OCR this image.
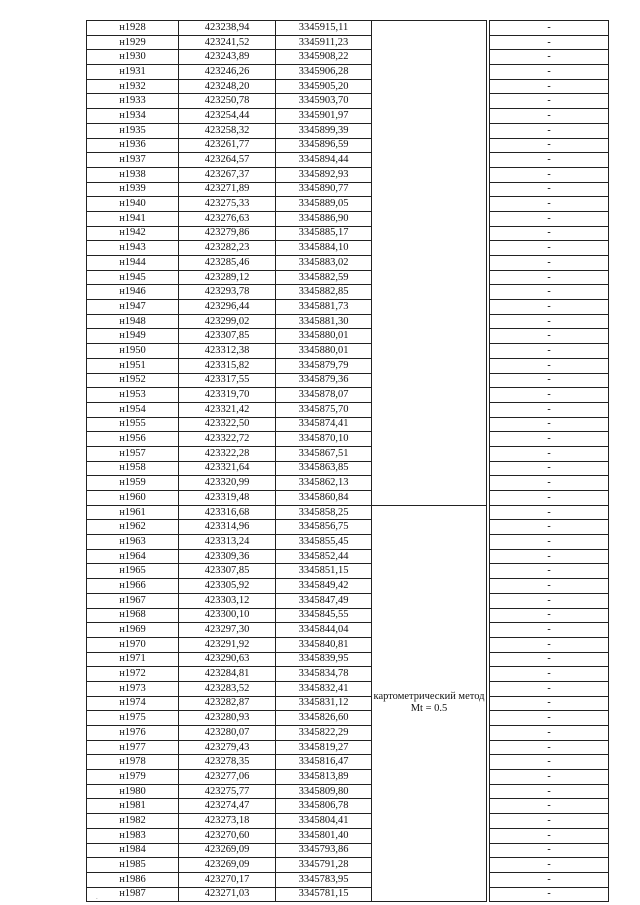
н1928	423238,94	3345915,11			-
н1929	423241,52	3345911,23			-
н1930	423243,89	3345908,22			-
н1931	423246,26	3345906,28			-
н1932	423248,20	3345905,20			-
н1933	423250,78	3345903,70			-
н1934	423254,44	3345901,97			-
н1935	423258,32	3345899,39			-
н1936	423261,77	3345896,59			-
н1937	423264,57	3345894,44			-
н1938	423267,37	3345892,93			-
н1939	423271,89	3345890,77			-
н1940	423275,33	3345889,05			-
н1941	423276,63	3345886,90			-
н1942	423279,86	3345885,17			-
н1943	423282,23	3345884,10			-
н1944	423285,46	3345883,02			-
н1945	423289,12	3345882,59			-
н1946	423293,78	3345882,85			-
н1947	423296,44	3345881,73			-
н1948	423299,02	3345881,30			-
н1949	423307,85	3345880,01			-
н1950	423312,38	3345880,01			-
н1951	423315,82	3345879,79			-
н1952	423317,55	3345879,36			-
н1953	423319,70	3345878,07			-
н1954	423321,42	3345875,70			-
н1955	423322,50	3345874,41			-
н1956	423322,72	3345870,10			-
н1957	423322,28	3345867,51			-
н1958	423321,64	3345863,85			-
н1959	423320,99	3345862,13			-
н1960	423319,48	3345860,84			-
н1961	423316,68	3345858,25	картометрический метод Mt = 0.5		-
н1962	423314,96	3345856,75			-
н1963	423313,24	3345855,45			-
н1964	423309,36	3345852,44			-
н1965	423307,85	3345851,15			-
н1966	423305,92	3345849,42			-
н1967	423303,12	3345847,49			-
н1968	423300,10	3345845,55			-
н1969	423297,30	3345844,04			-
н1970	423291,92	3345840,81			-
н1971	423290,63	3345839,95			-
н1972	423284,81	3345834,78			-
н1973	423283,52	3345832,41			-
н1974	423282,87	3345831,12			-
н1975	423280,93	3345826,60			-
н1976	423280,07	3345822,29			-
н1977	423279,43	3345819,27			-
н1978	423278,35	3345816,47			-
н1979	423277,06	3345813,89			-
н1980	423275,77	3345809,80			-
н1981	423274,47	3345806,78			-
н1982	423273,18	3345804,41			-
н1983	423270,60	3345801,40			-
н1984	423269,09	3345793,86			-
н1985	423269,09	3345791,28			-
н1986	423270,17	3345783,95			-
н1987	423271,03	3345781,15			-
.
